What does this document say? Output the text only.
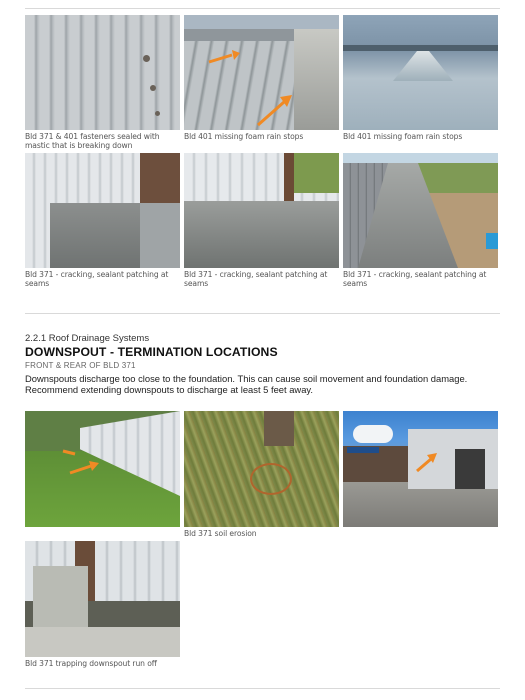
Bld 371 & 401 fasteners sealed with mastic that is breaking down
Bld 401 missing foam rain stops	Bld 401 missing foam rain stops
Bld 371 - cracking, sealant patching at seams
Bld 371 - cracking, sealant patching at seams
Bld 371 - cracking, sealant patching at seams
2.2.1 Roof Drainage Systems
DOWNSPOUT - TERMINATION LOCATIONS
FRONT & REAR OF BLD 371
Downspouts discharge too close to the foundation. This can cause soil movement and foundation damage. Recommend extending downspouts to discharge at least 5 feet away.
Bld 371 soil erosion
Bld 371 trapping downspout run off
